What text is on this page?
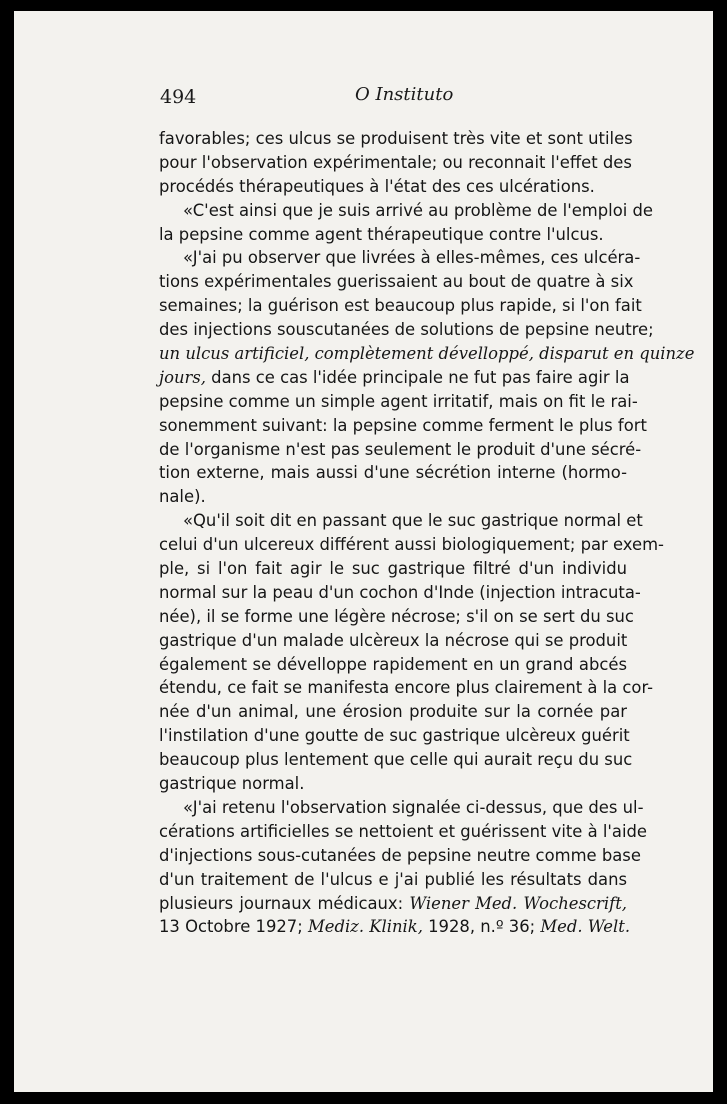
494	O Instituto
favorables; ces ulcus se produisent très vite et sont utiles
pour l'observation expérimentale; ou reconnait l'effet des
procédés thérapeutiques à l'état des ces ulcérations.
«C'est ainsi que je suis arrivé au problème de l'emploi de
la pepsine comme agent thérapeutique contre l'ulcus.
«J'ai pu observer que livrées à elles-mêmes, ces ulcéra-
tions expérimentales guerissaient au bout de quatre à six
semaines; la guérison est beaucoup plus rapide, si l'on fait
des injections souscutanées de solutions de pepsine neutre;
un ulcus artificiel, complètement dévelloppé, disparut en quinze
jours, dans ce cas l'idée principale ne fut pas faire agir la
pepsine comme un simple agent irritatif, mais on fit le rai-
sonemment suivant: la pepsine comme ferment le plus fort
de l'organisme n'est pas seulement le produit d'une sécré-
tion externe, mais aussi d'une sécrétion interne (hormo-
nale).
«Qu'il soit dit en passant que le suc gastrique normal et
celui d'un ulcereux différent aussi biologiquement; par exem-
ple, si l'on fait agir le suc gastrique filtré d'un individu
normal sur la peau d'un cochon d'Inde (injection intracuta-
née), il se forme une légère nécrose; s'il on se sert du suc
gastrique d'un malade ulcèreux la nécrose qui se produit
également se dévelloppe rapidement en un grand abcés
étendu, ce fait se manifesta encore plus clairement à la cor-
née d'un animal, une érosion produite sur la cornée par
l'instilation d'une goutte de suc gastrique ulcèreux guérit
beaucoup plus lentement que celle qui aurait reçu du suc
gastrique normal.
«J'ai retenu l'observation signalée ci-dessus, que des ul-
cérations artificielles se nettoient et guérissent vite à l'aide
d'injections sous-cutanées de pepsine neutre comme base
d'un traitement de l'ulcus e j'ai publié les résultats dans
plusieurs journaux médicaux: Wiener Med. Wochescrift,
13 Octobre 1927; Mediz. Klinik, 1928, n.º 36; Med. Welt.
